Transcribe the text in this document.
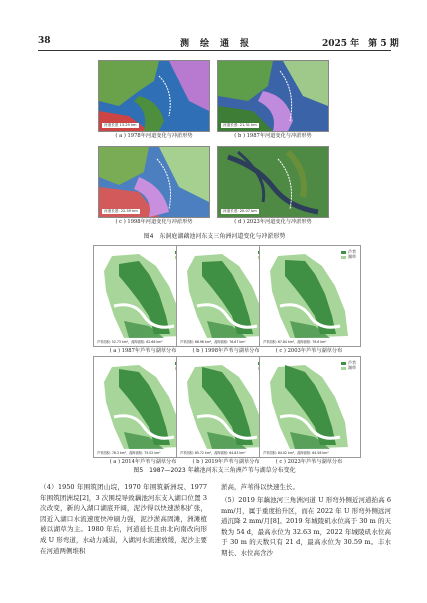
38	测　绘　通　报	2025 年　第 5 期
河道长度 13.29 km
( a ) 1978年河道变化与冲淤形势
河道长度: 21.31 km
( b ) 1987年河道变化与冲淤形势
河道长度: 22.59 km
( c ) 1998年河道变化与冲淤形势
河道长度: 20.07 km
( d ) 2023年河道变化与冲淤形势
图4　东洞庭湖藕池河东支三角洲河道变化与冲淤形势
芦苇面积: 52.73 km²，湖草面积: 62.66 km²
( a ) 1987年芦苇与湖草分布
芦苇面积: 66.96 km²，湖草面积: 76.67 km²
( b ) 1998年芦苇与湖草分布
芦苇
湖草
芦苇面积: 67.84 km²，湖草面积: 79.6 km²
( c ) 2003年芦苇与湖草分布
芦苇面积: 78.3 km²，湖草面积: 75.02 km²
( a ) 2014年芦苇与湖草分布
芦苇面积: 85.72 km²，湖草面积: 64.83 km²
( b ) 2019年芦苇与湖草分布
芦苇
湖草
芦苇面积: 84.02 km²，湖草面积: 64.58 km²
( c ) 2023年芦苇与湖草分布
图5　1987—2023 年藕池河东支三角洲芦苇与湖草分布变化
（4）1950 年围筑团山垸，1970 年围筑新洲垸、1977 年围筑团洲垸[2]，3 次围垸导致藕池河东支入湖口位置 3 次改变，新的入湖口湖底开阔，泥沙得以快速淤积扩张，因近入湖口水流速度快冲刷力强，泥沙淤高固滩，洲滩植被以湖草为主。1980 年后，河道延长且由北向南改向形成 U 形弯道，水动力减弱，入湖河水流速放缓，泥沙主要在河道两侧堆积
淤高，芦苇得以快速生长。
（5）2019 年藕池河三角洲河道 U 形弯外侧近河道抬高 6 mm/月，属于重度抬升区，而在 2022 年 U 形弯外侧远河道沉降 2 mm/月[8]。2019 年城陵矶水位高于 30 m 的天数为 54 d，最高水位为 32.63 m，2022 年城陵矶水位高于 30 m 的天数只有 21 d，最高水位为 30.59 m。丰水期长、水位高含沙
